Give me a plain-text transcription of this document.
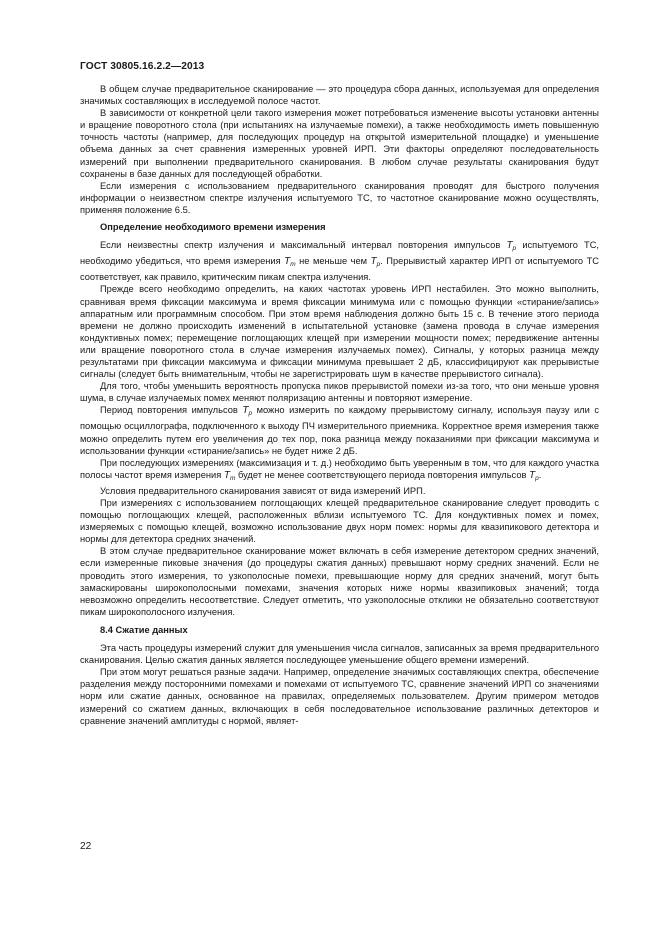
ГОСТ 30805.16.2.2—2013

В общем случае предварительное сканирование — это процедура сбора данных, используемая для определения значимых составляющих в исследуемой полосе частот.

В зависимости от конкретной цели такого измерения может потребоваться изменение высоты установки антенны и вращение поворотного стола (при испытаниях на излучаемые помехи), а также необходимость иметь повышенную точность частоты (например, для последующих процедур на открытой измерительной площадке) и уменьшение объема данных за счет сравнения измеренных уровней ИРП. Эти факторы определяют последовательность измерений при выполнении предварительного сканирования. В любом случае результаты сканирования будут сохранены в базе данных для последующей обработки.

Если измерения с использованием предварительного сканирования проводят для быстрого получения информации о неизвестном спектре излучения испытуемого ТС, то частотное сканирование можно осуществлять, применяя положение 6.5.

Определение необходимого времени измерения

Если неизвестны спектр излучения и максимальный интервал повторения импульсов $T_p$ испытуемого ТС, необходимо убедиться, что время измерения $T_m$ не меньше чем $T_p$. Прерывистый характер ИРП от испытуемого ТС соответствует, как правило, критическим пикам спектра излучения.

Прежде всего необходимо определить, на каких частотах уровень ИРП нестабилен. Это можно выполнить, сравнивая время фиксации максимума и время фиксации минимума или с помощью функции «стирание/запись» аппаратным или программным способом. При этом время наблюдения должно быть 15 с. В течение этого периода времени не должно происходить изменений в испытательной установке (замена провода в случае измерения кондуктивных помех; перемещение поглощающих клещей при измерении мощности помех; передвижение антенны или вращение поворотного стола в случае измерения излучаемых помех). Сигналы, у которых разница между результатами при фиксации максимума и фиксации минимума превышает 2 дБ, классифицируют как прерывистые сигналы (следует быть внимательным, чтобы не зарегистрировать шум в качестве прерывистого сигнала).

Для того, чтобы уменьшить вероятность пропуска пиков прерывистой помехи из-за того, что они меньше уровня шума, в случае излучаемых помех меняют поляризацию антенны и повторяют измерение.

Период повторения импульсов $T_p$ можно измерить по каждому прерывистому сигналу, используя паузу или с помощью осциллографа, подключенного к выходу ПЧ измерительного приемника. Корректное время измерения также можно определить путем его увеличения до тех пор, пока разница между показаниями при фиксации максимума и использовании функции «стирание/запись» не будет ниже 2 дБ.

При последующих измерениях (максимизация и т. д.) необходимо быть уверенным в том, что для каждого участка полосы частот время измерения $T_m$ будет не менее соответствующего периода повторения импульсов $T_p$.

Условия предварительного сканирования зависят от вида измерений ИРП.

При измерениях с использованием поглощающих клещей предварительное сканирование следует проводить с помощью поглощающих клещей, расположенных вблизи испытуемого ТС. Для кондуктивных помех и помех, измеряемых с помощью клещей, возможно использование двух норм помех: нормы для квазипикового детектора и нормы для детектора средних значений.

В этом случае предварительное сканирование может включать в себя измерение детектором средних значений, если измеренные пиковые значения (до процедуры сжатия данных) превышают норму средних значений. Если не проводить этого измерения, то узкополосные помехи, превышающие норму для средних значений, могут быть замаскированы широкополосными помехами, значения которых ниже нормы квазипиковых значений; тогда невозможно определить несоответствие. Следует отметить, что узкополосные отклики не обязательно соответствуют пикам широкополосного излучения.

8.4 Сжатие данных

Эта часть процедуры измерений служит для уменьшения числа сигналов, записанных за время предварительного сканирования. Целью сжатия данных является последующее уменьшение общего времени измерений.

При этом могут решаться разные задачи. Например, определение значимых составляющих спектра, обеспечение разделения между посторонними помехами и помехами от испытуемого ТС, сравнение значений ИРП со значениями норм или сжатие данных, основанное на правилах, определяемых пользователем. Другим примером методов измерений со сжатием данных, включающих в себя последовательное использование различных детекторов и сравнение значений амплитуды с нормой, являет-

22
